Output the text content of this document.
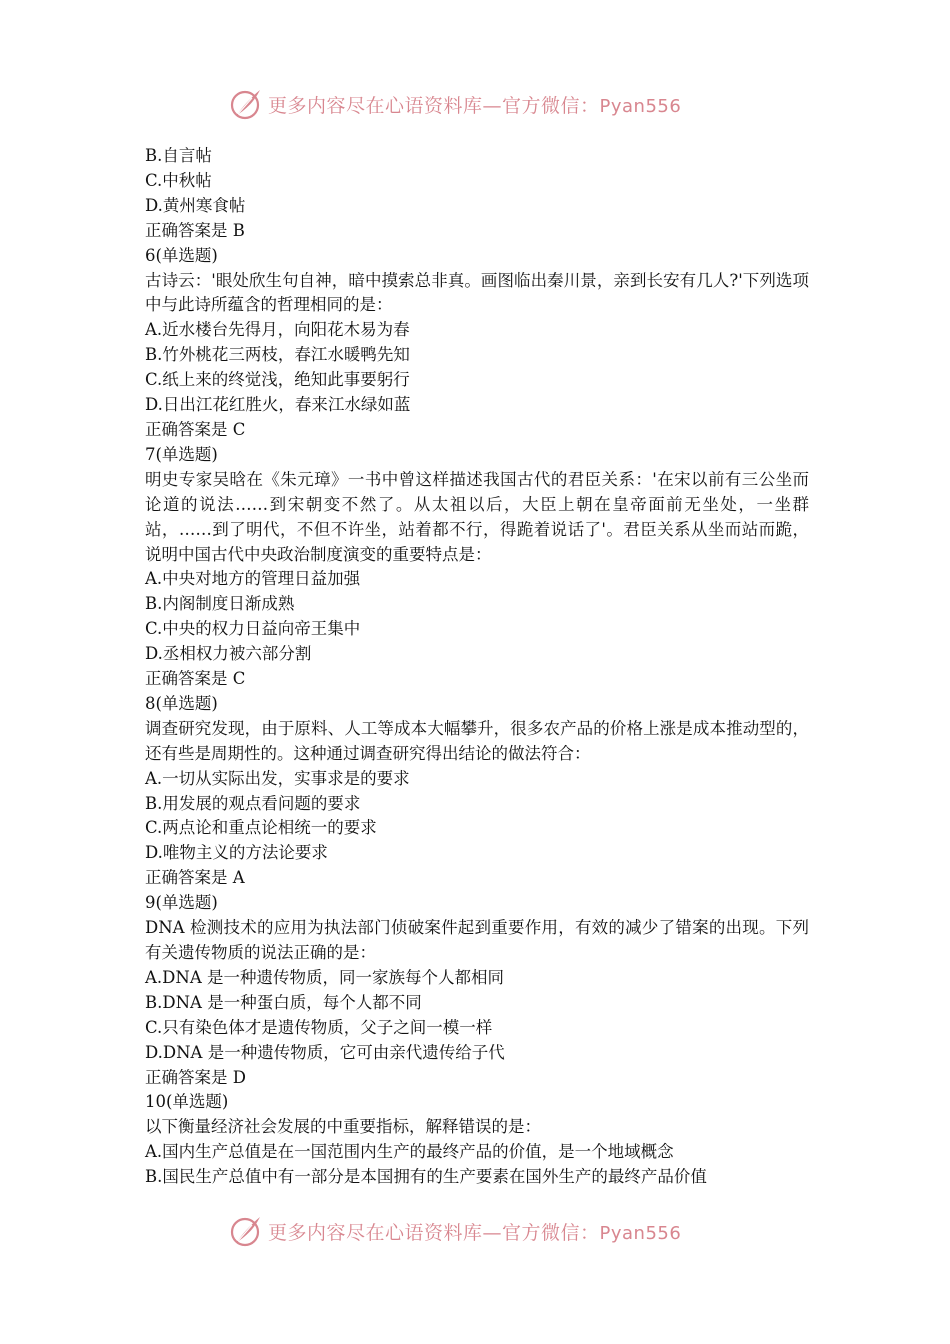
更多内容尽在心语资料库—官方微信：Pyan556
B.自言帖
C.中秋帖
D.黄州寒食帖
正确答案是 B
6(单选题)
古诗云：'眼处欣生句自神，暗中摸索总非真。画图临出秦川景，亲到长安有几人?'下列选项中与此诗所蕴含的哲理相同的是：
A.近水楼台先得月，向阳花木易为春
B.竹外桃花三两枝，春江水暖鸭先知
C.纸上来的终觉浅，绝知此事要躬行
D.日出江花红胜火，春来江水绿如蓝
正确答案是 C
7(单选题)
明史专家吴晗在《朱元璋》一书中曾这样描述我国古代的君臣关系：'在宋以前有三公坐而论道的说法……到宋朝变不然了。从太祖以后，大臣上朝在皇帝面前无坐处，一坐群站，……到了明代，不但不许坐，站着都不行，得跪着说话了'。君臣关系从坐而站而跪，说明中国古代中央政治制度演变的重要特点是：
A.中央对地方的管理日益加强
B.内阁制度日渐成熟
C.中央的权力日益向帝王集中
D.丞相权力被六部分割
正确答案是 C
8(单选题)
调查研究发现，由于原料、人工等成本大幅攀升，很多农产品的价格上涨是成本推动型的，还有些是周期性的。这种通过调查研究得出结论的做法符合：
A.一切从实际出发，实事求是的要求
B.用发展的观点看问题的要求
C.两点论和重点论相统一的要求
D.唯物主义的方法论要求
正确答案是 A
9(单选题)
DNA 检测技术的应用为执法部门侦破案件起到重要作用，有效的减少了错案的出现。下列有关遗传物质的说法正确的是：
A.DNA 是一种遗传物质，同一家族每个人都相同
B.DNA 是一种蛋白质，每个人都不同
C.只有染色体才是遗传物质，父子之间一模一样
D.DNA 是一种遗传物质，它可由亲代遗传给子代
正确答案是 D
10(单选题)
以下衡量经济社会发展的中重要指标，解释错误的是：
A.国内生产总值是在一国范围内生产的最终产品的价值，是一个地域概念
B.国民生产总值中有一部分是本国拥有的生产要素在国外生产的最终产品价值
更多内容尽在心语资料库—官方微信：Pyan556
